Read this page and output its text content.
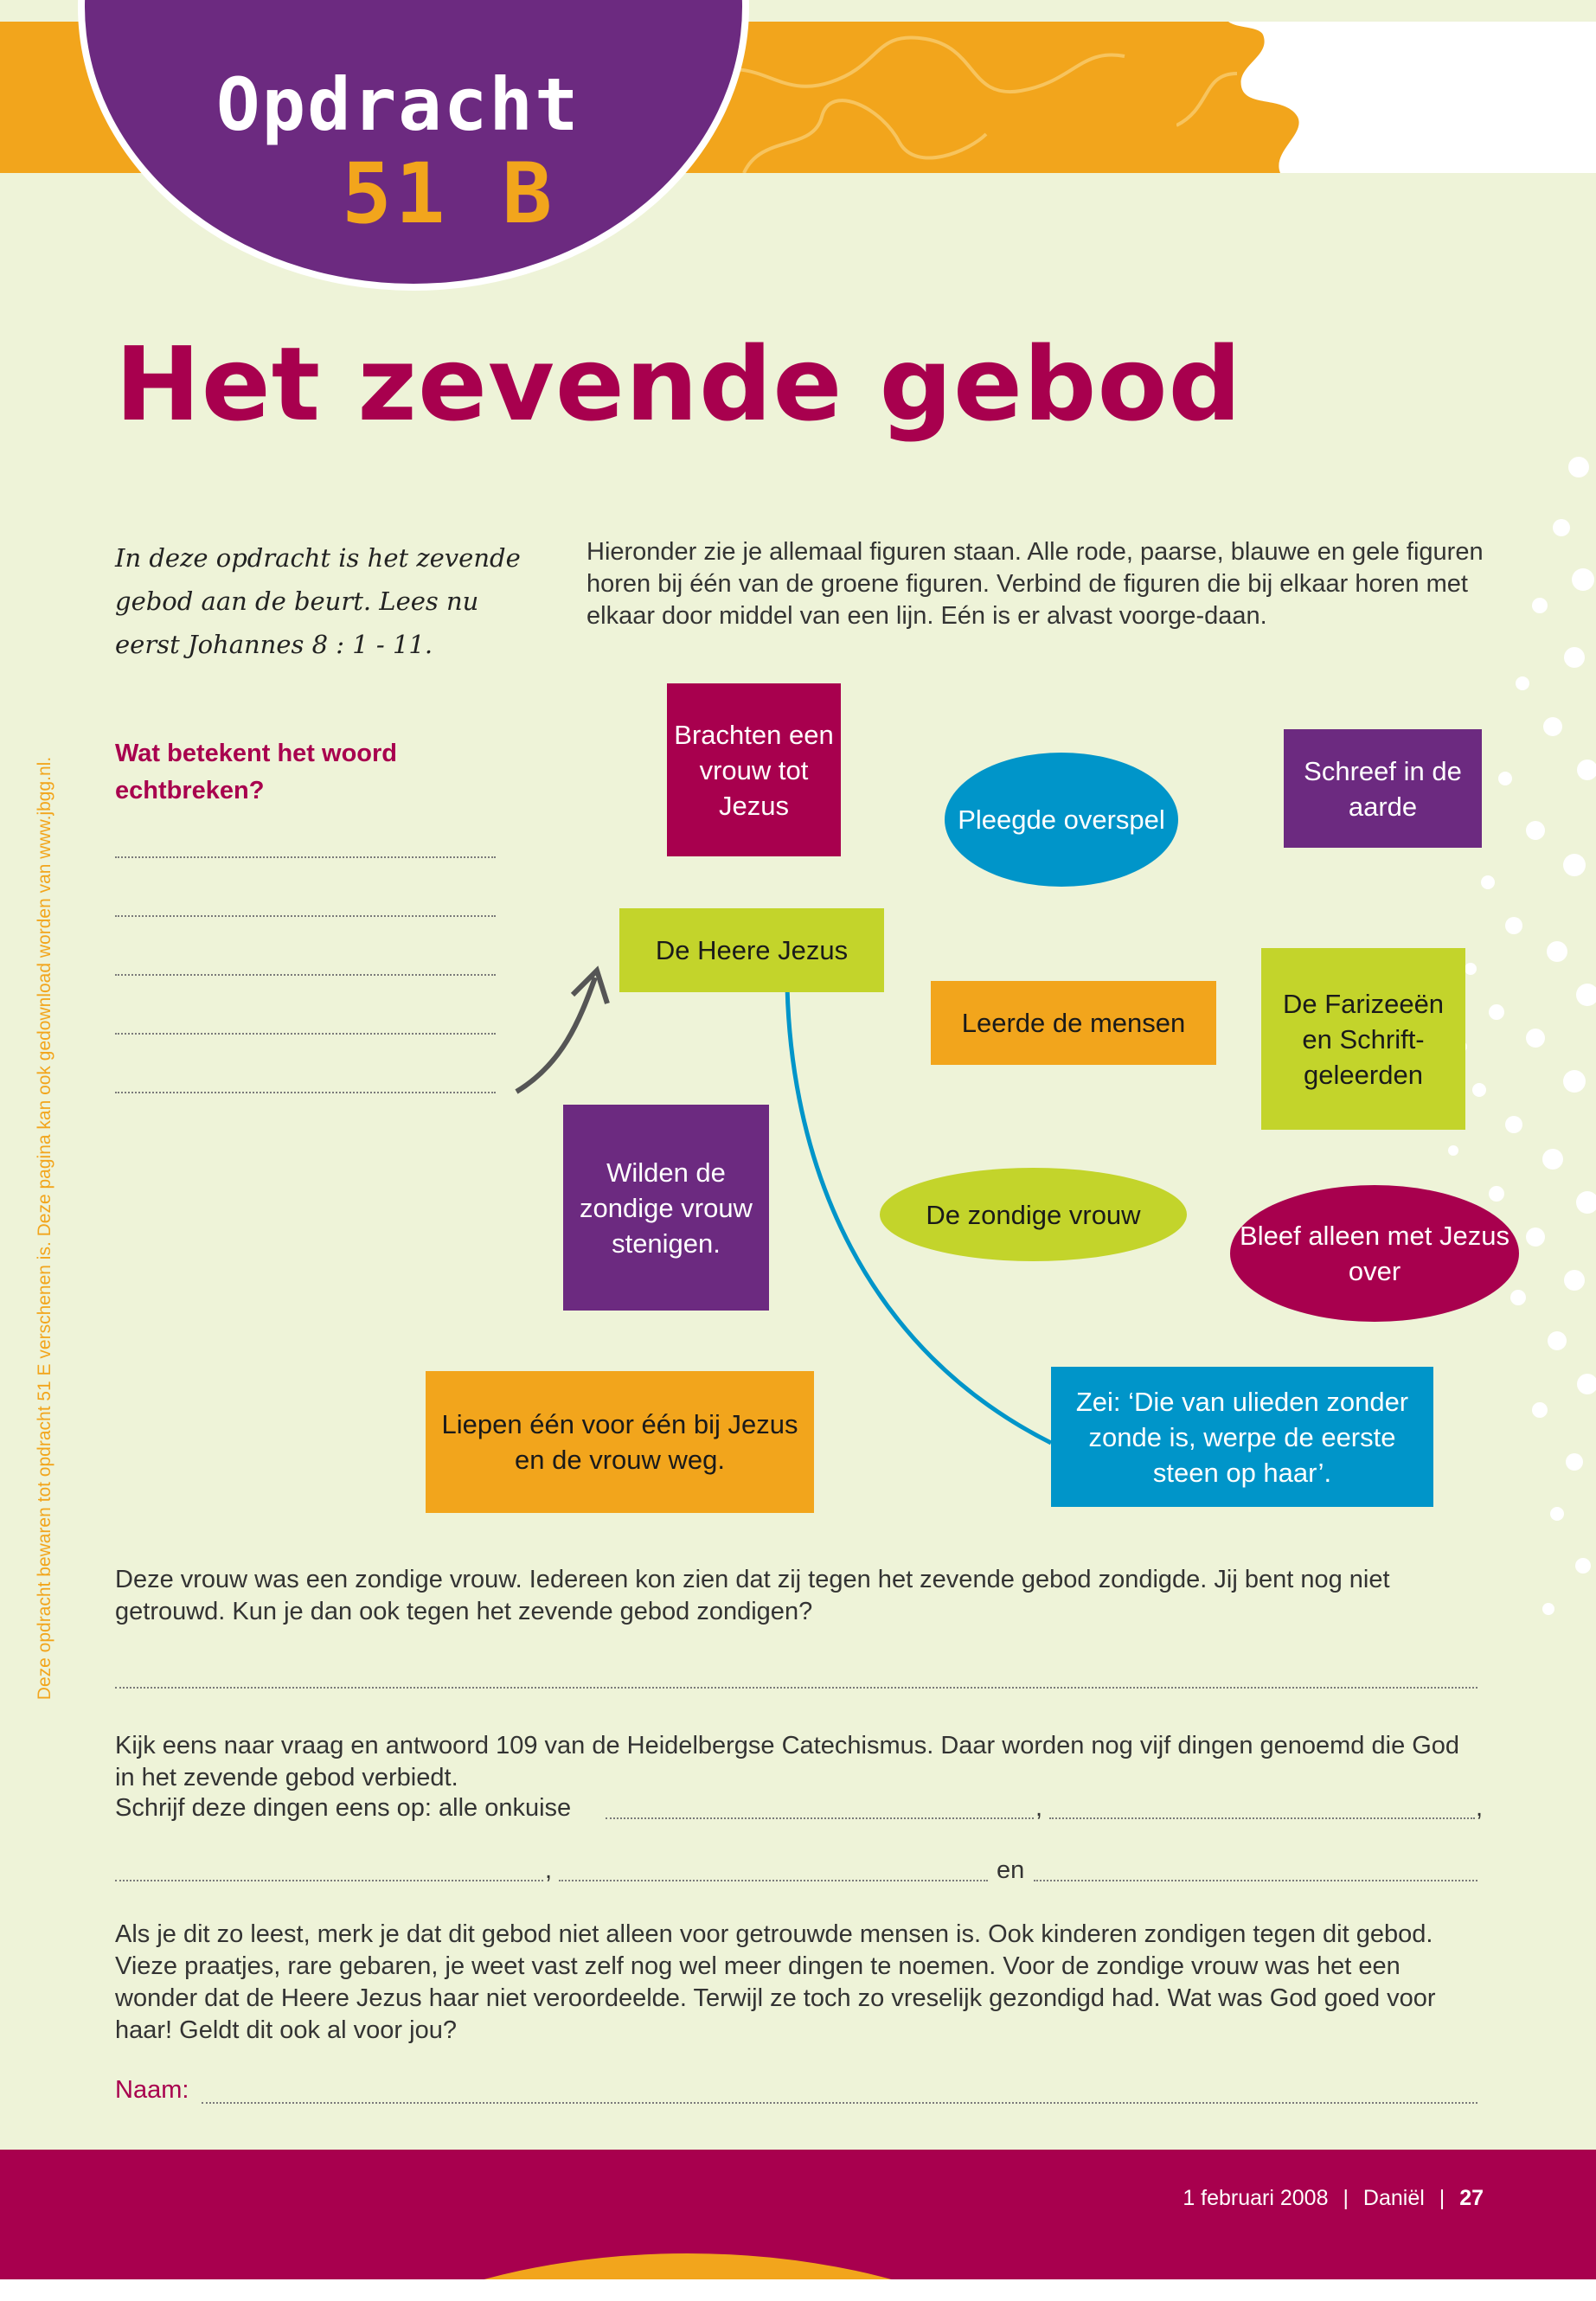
Opdracht
51 B
Het zevende gebod
Deze opdracht bewaren tot opdracht 51 E verschenen is. Deze pagina kan ook gedownload worden van www.jbgg.nl.
In deze opdracht is het zevende gebod aan de beurt. Lees nu eerst Johannes 8 : 1 - 11.
Hieronder zie je allemaal figuren staan. Alle rode, paarse, blauwe en gele figuren horen bij één van de groene figuren. Verbind de figuren die bij elkaar horen met elkaar door middel van een lijn. Eén is er alvast voorge-daan.
Wat betekent het woord echtbreken?
Brachten een vrouw tot Jezus	Pleegde overspel
Schreef in de aarde
De Heere Jezus
Leerde de mensen
De Farizeeën en Schrift-geleerden
Wilden de zondige vrouw stenigen.
De zondige vrouw
Bleef alleen met Jezus over
Liepen één voor één bij Jezus en de vrouw weg.
Zei: ‘Die van ulieden zonder zonde is, werpe de eerste steen op haar’.
Deze vrouw was een zondige vrouw. Iedereen kon zien dat zij tegen het zevende gebod zondigde. Jij bent nog niet getrouwd. Kun je dan ook tegen het zevende gebod zondigen?
Kijk eens naar vraag en antwoord 109 van de Heidelbergse Catechismus. Daar worden nog vijf dingen genoemd die God in het zevende gebod verbiedt.
Schrijf deze dingen eens op: alle onkuise	,	,
,	en
Als je dit zo leest, merk je dat dit gebod niet alleen voor getrouwde mensen is. Ook kinderen zondigen tegen dit gebod. Vieze praatjes, rare gebaren, je weet vast zelf nog wel meer dingen te noemen. Voor de zondige vrouw was het een wonder dat de Heere Jezus haar niet veroordeelde. Terwijl ze toch zo vreselijk gezondigd had. Wat was God goed voor haar! Geldt dit ook al voor jou?
Naam:
1 februari 2008 | Daniël | 27
